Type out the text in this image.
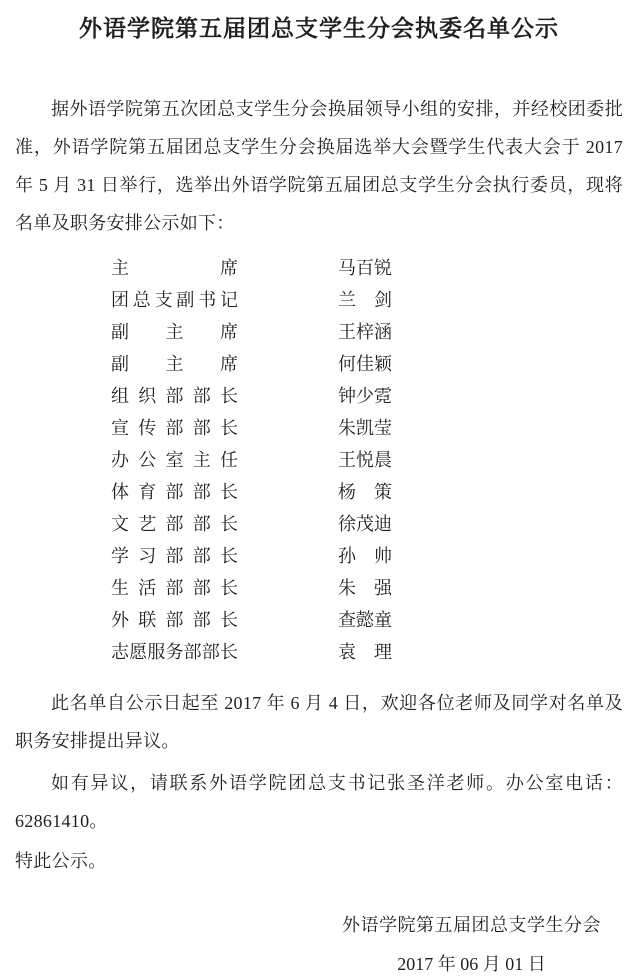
外语学院第五届团总支学生分会执委名单公示

据外语学院第五次团总支学生分会换届领导小组的安排，并经校团委批准，外语学院第五届团总支学生分会换届选举大会暨学生代表大会于 2017 年 5 月 31 日举行，选举出外语学院第五届团总支学生分会执行委员，现将名单及职务安排公示如下：

主席	马百锐
团总支副书记	兰　剑
副主席	王梓涵
副主席	何佳颖
组织部部长	钟少霓
宣传部部长	朱凯莹
办公室主任	王悦晨
体育部部长	杨　策
文艺部部长	徐茂迪
学习部部长	孙　帅
生活部部长	朱　强
外联部部长	查懿童
志愿服务部部长	袁　理

此名单自公示日起至 2017 年 6 月 4 日，欢迎各位老师及同学对名单及职务安排提出异议。

如有异议，请联系外语学院团总支书记张圣洋老师。办公室电话：62861410。

特此公示。

外语学院第五届团总支学生分会
2017 年 06 月 01 日
